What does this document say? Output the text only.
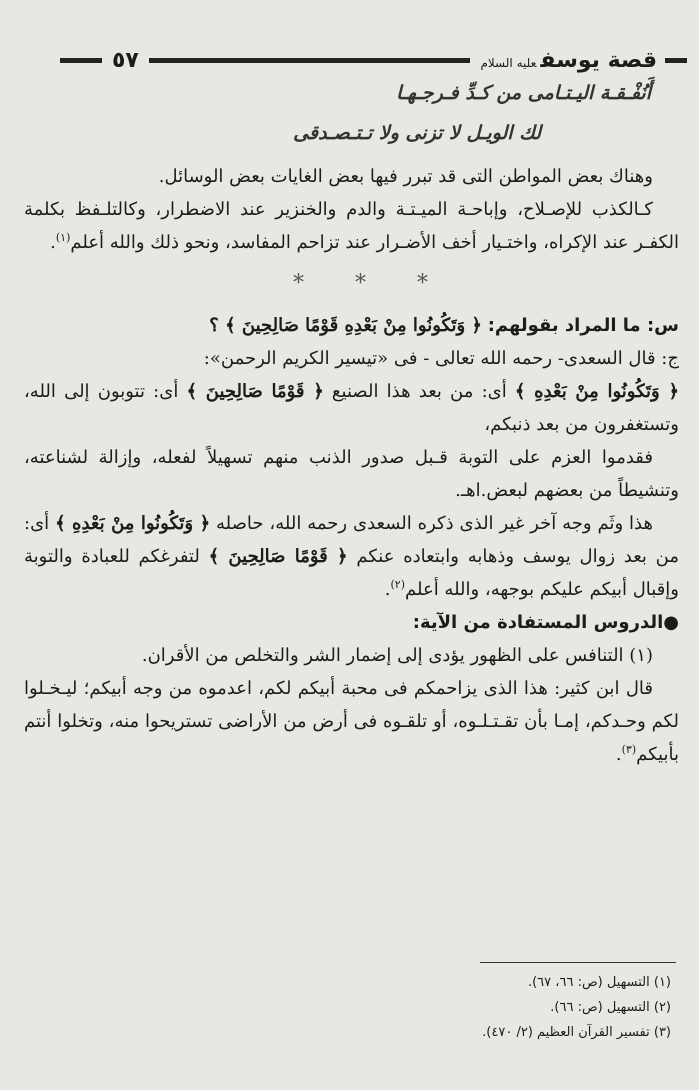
قصة يوسفعليه السلام
٥٧
أَنُفْـقـة اليـتـامى من كـدِّ فـرجـهـا
لك الويـل لا تزنى ولا تـتـصـدقى

وهناك بعض المواطن التى قد تبرر فيها بعض الغايات بعض الوسائل.

كـالكذب للإصـلاح، وإباحـة الميـتـة والدم والخنزير عند الاضطرار، وكالتلـفظ بكلمة الكفـر عند الإكراه، واختـيار أخف الأضـرار عند تزاحم المفاسد، ونحو ذلك والله أعلم$^{(١)}$.

* * *

س: ما المراد بقولهم: ﴿ وَتَكُونُوا مِنْ بَعْدِهِ قَوْمًا صَالِحِينَ ﴾ ؟

ج: قال السعدى- رحمه الله تعالى - فى «تيسير الكريم الرحمن»:

﴿ وَتَكُونُوا مِنْ بَعْدِهِ ﴾ أى: من بعد هذا الصنيع ﴿ قَوْمًا صَالِحِينَ ﴾ أى: تتوبون إلى الله، وتستغفرون من بعد ذنبكم،

فقدموا العزم على التوبة قـبل صدور الذنب منهم تسهيلاً لفعله، وإزالة لشناعته، وتنشيطاً من بعضهم لبعض.اهـ.

هذا وثَم وجه آخر غير الذى ذكره السعدى رحمه الله، حاصله ﴿ وَتَكُونُوا مِنْ بَعْدِهِ ﴾ أى: من بعد زوال يوسف وذهابه وابتعاده عنكم ﴿ قَوْمًا صَالِحِينَ ﴾ لتفرغكم للعبادة والتوبة وإقبال أبيكم عليكم بوجهه، والله أعلم$^{(٢)}$.

●الدروس المستفادة من الآية:

(١) التنافس على الظهور يؤدى إلى إضمار الشر والتخلص من الأقران.

قال ابن كثير: هذا الذى يزاحمكم فى محبة أبيكم لكم، اعدموه من وجه أبيكم؛ ليـخـلوا لكم وحـدكم، إمـا بأن تقـتـلـوه، أو تلقـوه فى أرض من الأراضى تستريحوا منه، وتخلوا أنتم بأبيكم$^{(٣)}$.

(١) التسهيل (ص: ٦٦، ٦٧).
(٢) التسهيل (ص: ٦٦).
(٣) تفسير القرآن العظيم (٢/ ٤٧٠).
